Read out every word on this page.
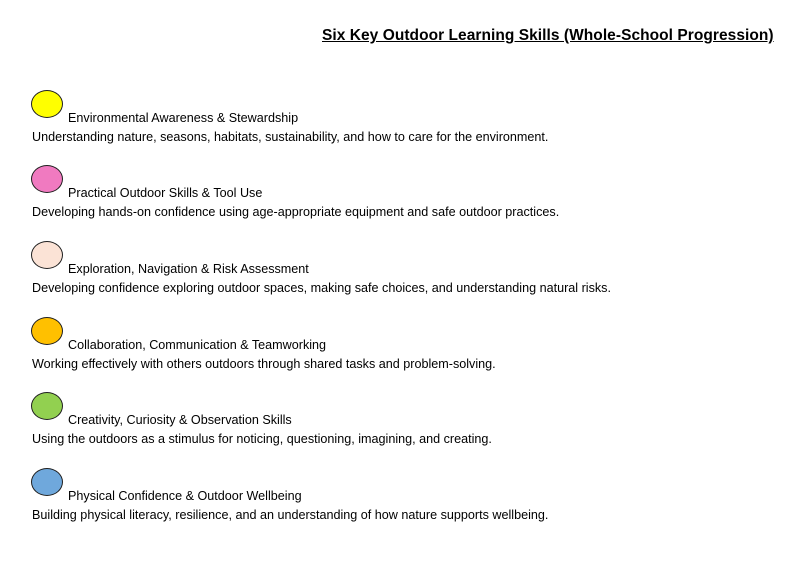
Six Key Outdoor Learning Skills (Whole-School Progression)
Environmental Awareness & Stewardship
Understanding nature, seasons, habitats, sustainability, and how to care for the environment.
Practical Outdoor Skills & Tool Use
Developing hands-on confidence using age-appropriate equipment and safe outdoor practices.
Exploration, Navigation & Risk Assessment
Developing confidence exploring outdoor spaces, making safe choices, and understanding natural risks.
Collaboration, Communication & Teamworking
Working effectively with others outdoors through shared tasks and problem-solving.
Creativity, Curiosity & Observation Skills
Using the outdoors as a stimulus for noticing, questioning, imagining, and creating.
Physical Confidence & Outdoor Wellbeing
Building physical literacy, resilience, and an understanding of how nature supports wellbeing.
